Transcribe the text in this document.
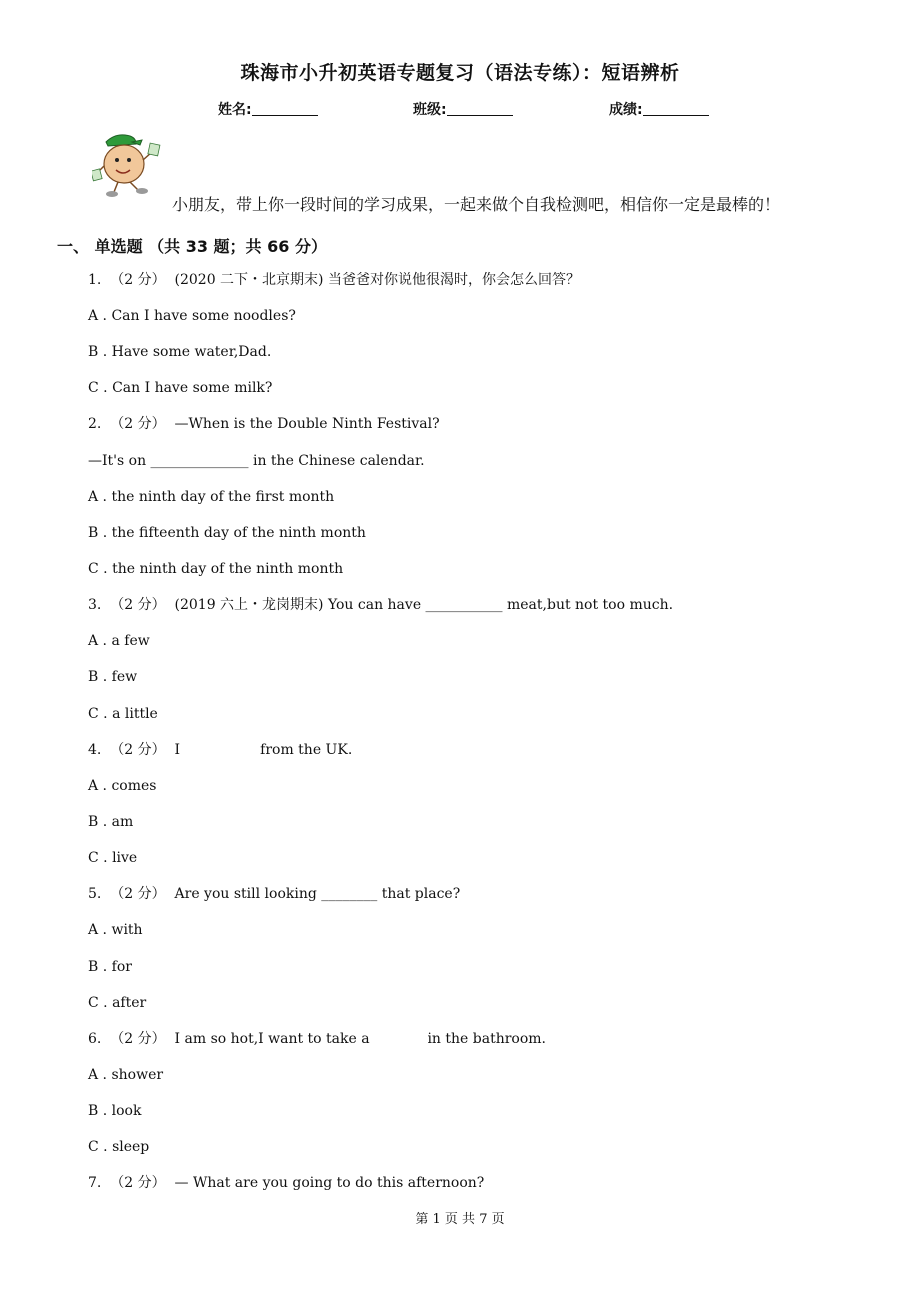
珠海市小升初英语专题复习（语法专练）：短语辨析
姓名:	班级:	成绩:
小朋友，带上你一段时间的学习成果，一起来做个自我检测吧，相信你一定是最棒的！
一、 单选题 （共 33 题；共 66 分）
1.  （2 分）  (2020 二下・北京期末) 当爸爸对你说他很渴时，你会怎么回答？
A . Can I have some noodles?
B . Have some water,Dad.
C . Can I have some milk?
2.  （2 分）  —When is the Double Ninth Festival?
—It's on ______________ in the Chinese calendar.
A . the ninth day of the first month
B . the fifteenth day of the ninth month
C . the ninth day of the ninth month
3.  （2 分）  (2019 六上・龙岗期末) You can have ___________ meat,but not too much.
A . a few
B . few
C . a little
4.  （2 分）  I                  from the UK.
A . comes
B . am
C . live
5.  （2 分）  Are you still looking ________ that place?
A . with
B . for
C . after
6.  （2 分）  I am so hot,I want to take a             in the bathroom.
A . shower
B . look
C . sleep
7.  （2 分）  — What are you going to do this afternoon?
第 1 页 共 7 页
